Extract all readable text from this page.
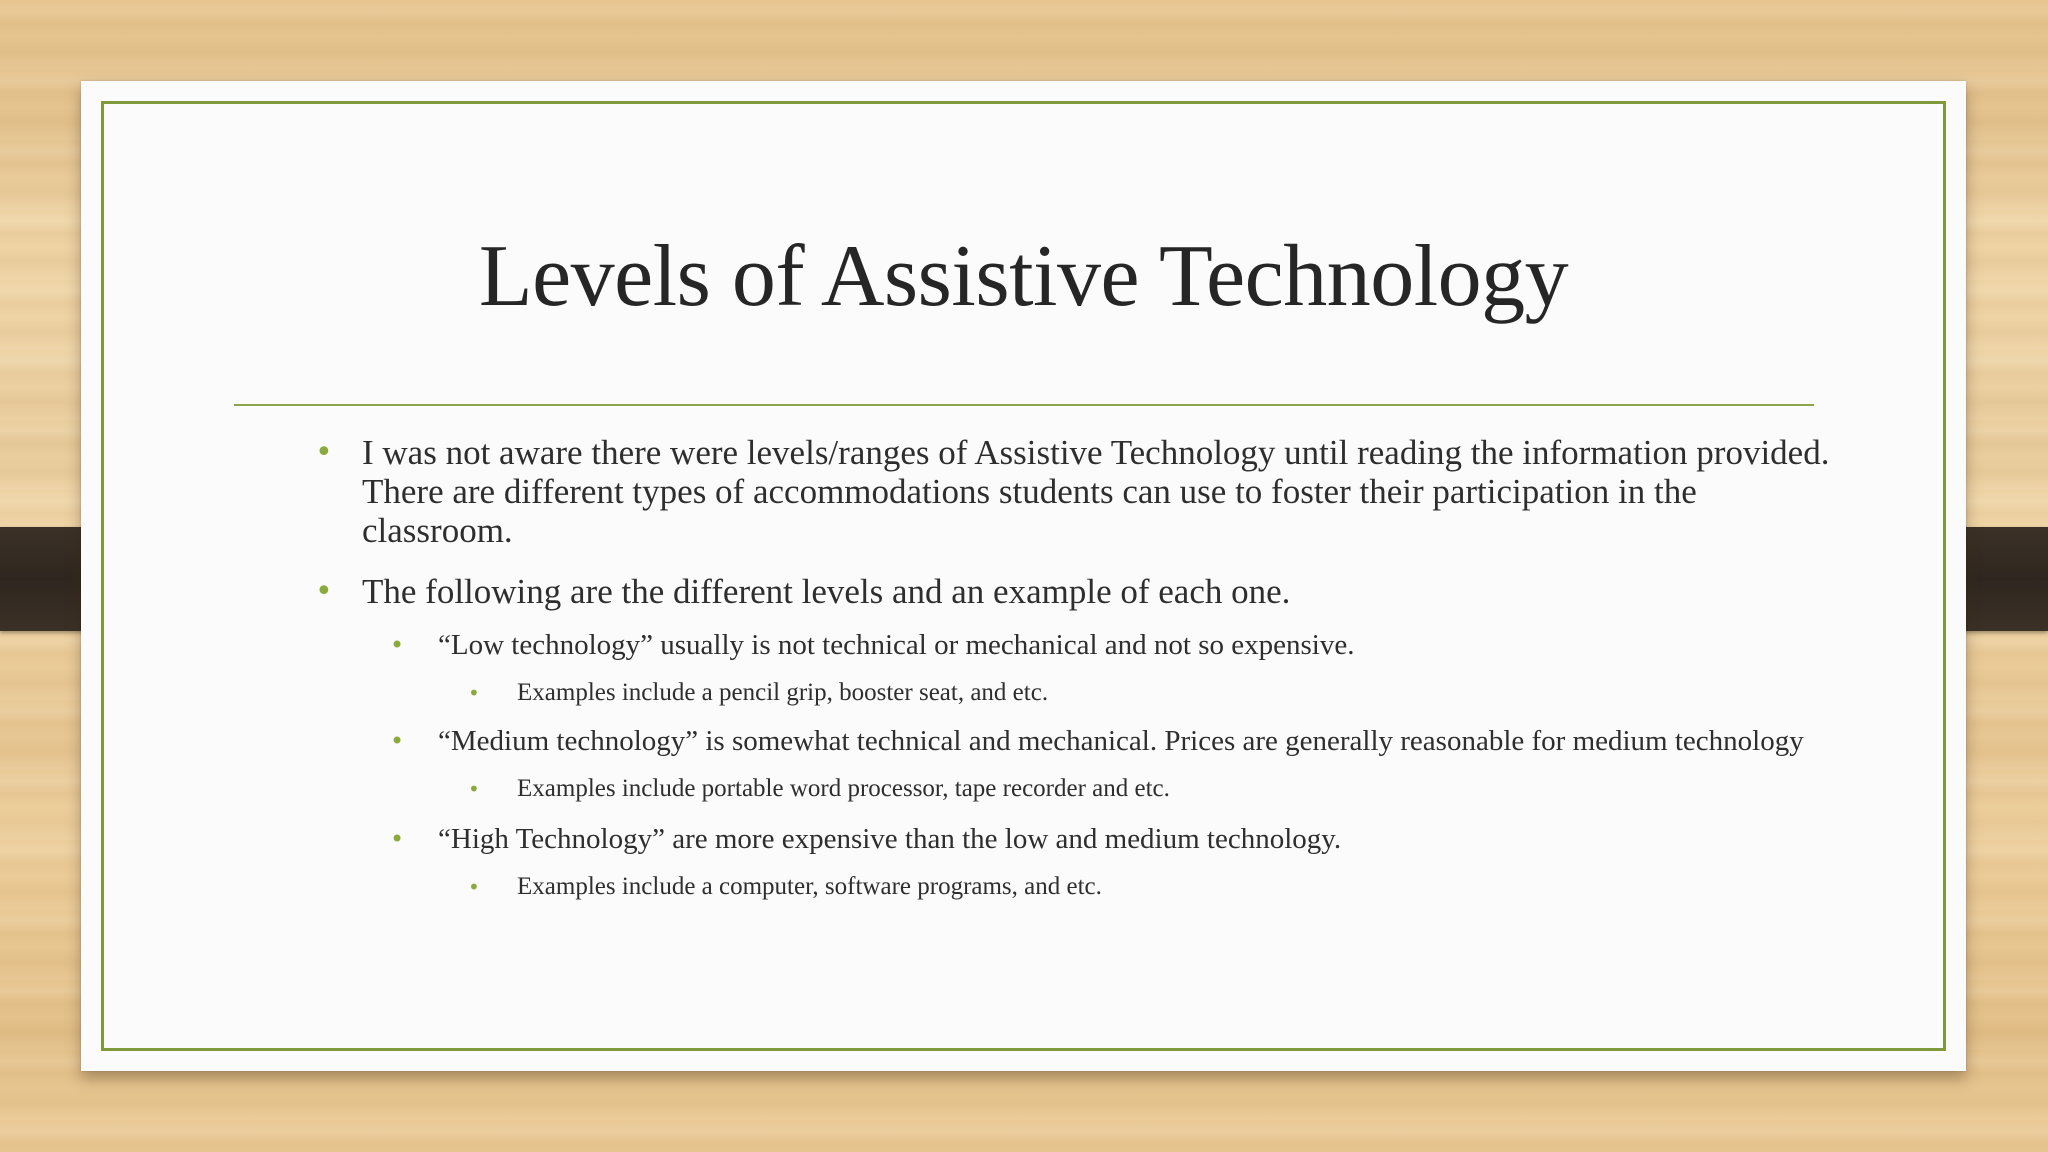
Levels of Assistive Technology
• I was not aware there were levels/ranges of Assistive Technology until reading the information provided. There are different types of accommodations students can use to foster their participation in the classroom.
• The following are the different levels and an example of each one.
• “Low technology” usually is not technical or mechanical and not so expensive.
• Examples include a pencil grip, booster seat, and etc.
• “Medium technology” is somewhat technical and mechanical. Prices are generally reasonable for medium technology
• Examples include portable word processor, tape recorder and etc.
• “High Technology” are more expensive than the low and medium technology.
• Examples include a computer, software programs, and etc.
